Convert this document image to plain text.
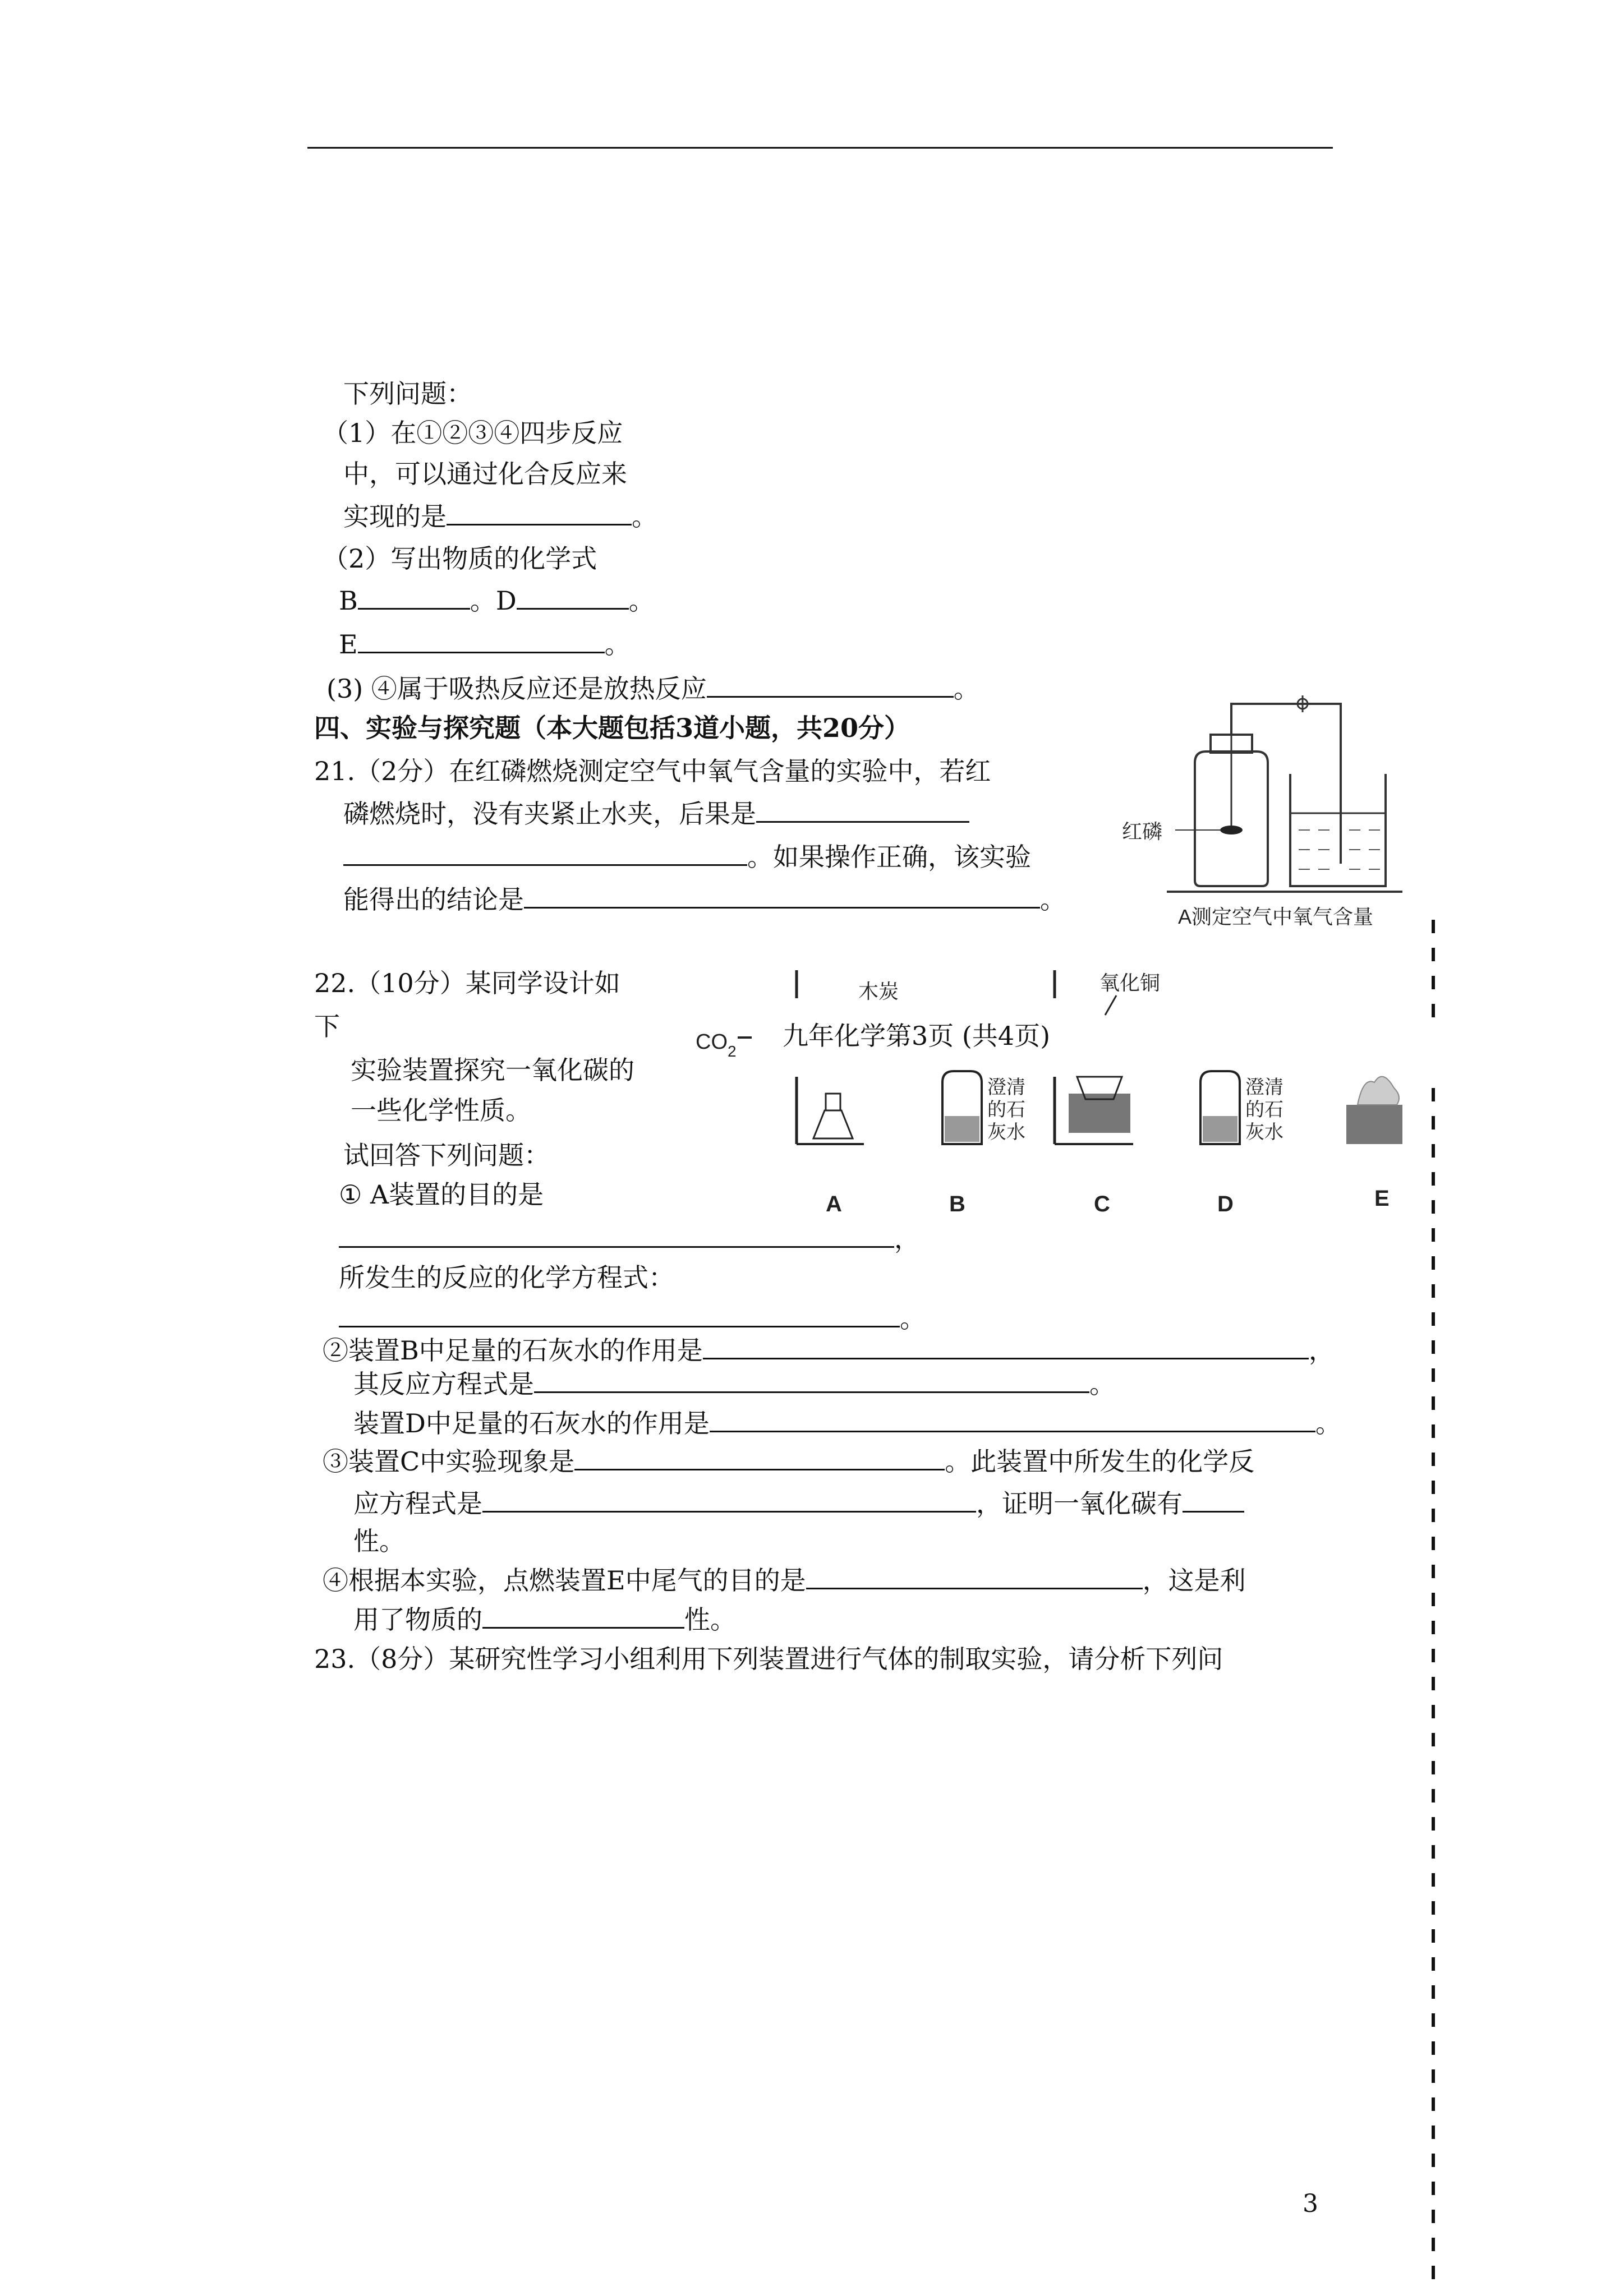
下列问题：
（1）在①②③④四步反应
中，可以通过化合反应来
实现的是	。
（2）写出物质的化学式
B	。D	。
E	。
(3) ④属于吸热反应还是放热反应	。
四、实验与探究题（本大题包括3道小题，共20分）
21.（2分）在红磷燃烧测定空气中氧气含量的实验中，若红
磷燃烧时，没有夹紧止水夹，后果是
。如果操作正确，该实验
能得出的结论是	。
红磷
A测定空气中氧气含量
22.（10分）某同学设计如
下
实验装置探究一氧化碳的
一些化学性质。
试回答下列问题：
① A装置的目的是
，
所发生的反应的化学方程式：
。
②装置B中足量的石灰水的作用是	，
其反应方程式是	。
装置D中足量的石灰水的作用是	。
③装置C中实验现象是	。此装置中所发生的化学反
应方程式是	，证明一氧化碳有
性。
④根据本实验，点燃装置E中尾气的目的是	，这是利
用了物质的	性。
$CO_2$
木炭
澄清
的石
灰水
氧化铜
澄清
的石
灰水
A	B	C	D	E
九年化学第3页 (共4页)
23.（8分）某研究性学习小组利用下列装置进行气体的制取实验，请分析下列问
3
